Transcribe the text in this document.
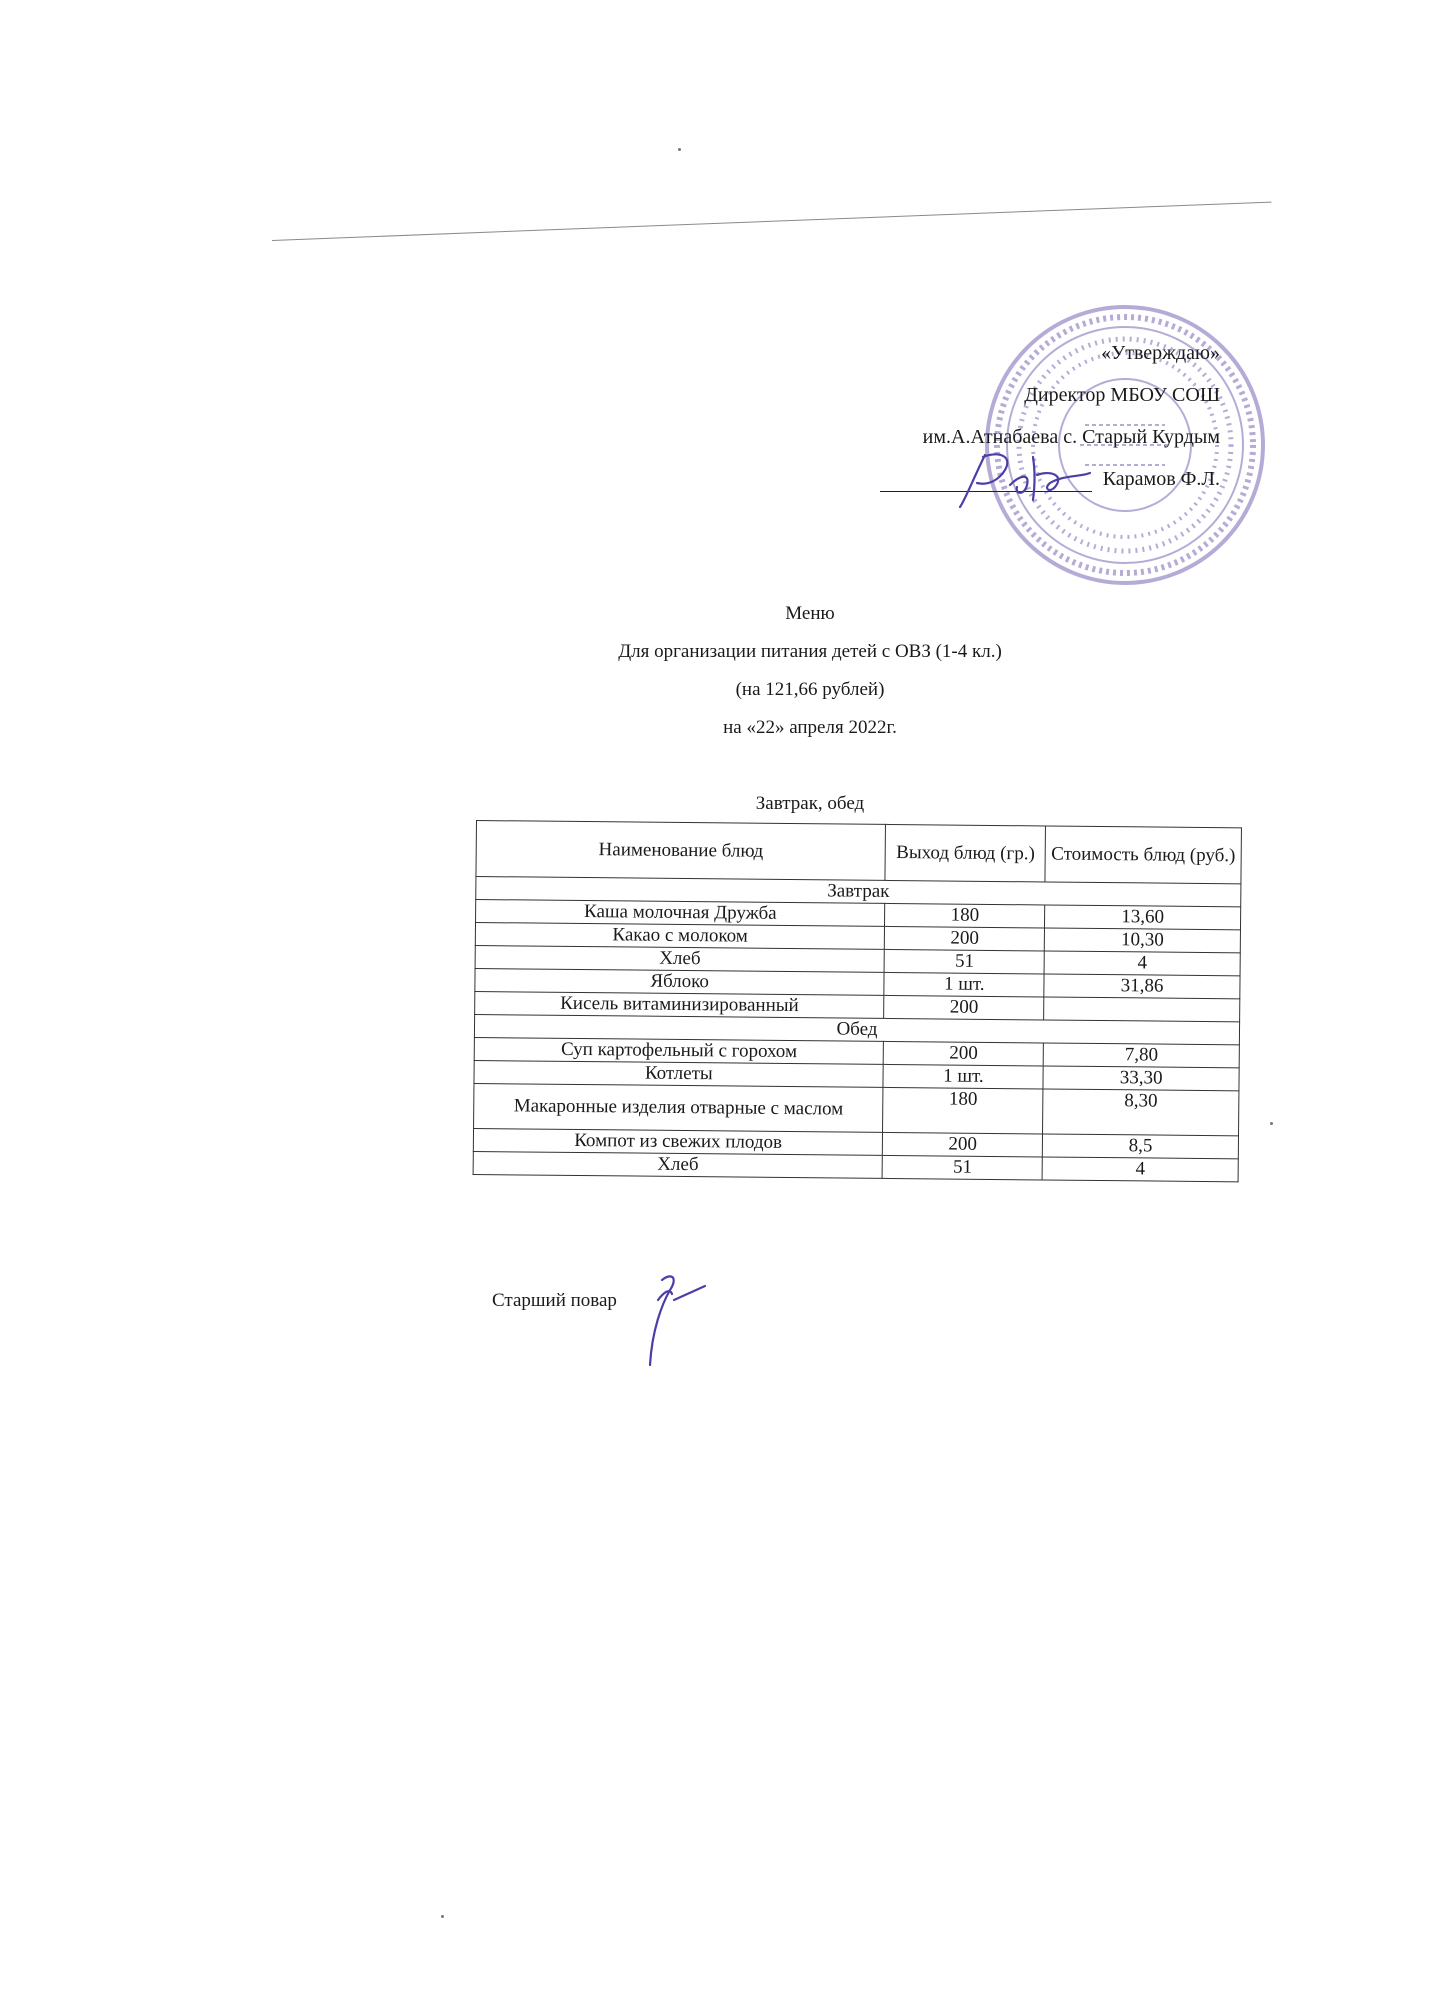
«Утверждаю»
Директор МБОУ СОШ
им.А.Атнабаева с. Старый Курдым
Карамов Ф.Л.
Меню
Для организации питания детей с ОВЗ (1-4 кл.)
(на 121,66 рублей)
на «22» апреля 2022г.
Завтрак, обед
Наименование блюд	Выход блюд (гр.)	Стоимость блюд (руб.)
Завтрак		
Каша молочная Дружба	180	13,60
Какао с молоком	200	10,30
Хлеб	51	4
Яблоко	1 шт.	31,86
Кисель витаминизированный	200	
Обед		
Суп картофельный с горохом	200	7,80
Котлеты	1 шт.	33,30
Макаронные изделия отварные с маслом	180	8,30
Компот из свежих плодов	200	8,5
Хлеб	51	4
Старший повар
